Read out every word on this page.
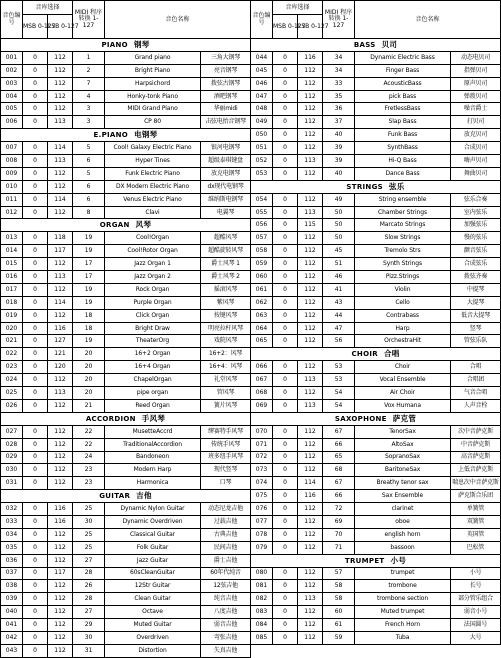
音色编号	音库选择		MIDI 程序转换 1-127	音色名称	
	MSB 0-127	LSB 0-127			
PIANO 钢琴					
001	0	112	1	Grand piano	三角大钢琴
002	0	112	2	Bright Piano	亮音钢琴
003	0	112	7	Harpsichord	拨弦古钢琴
004	0	112	4	Honky-tonk Piano	酒吧钢琴
005	0	112	3	MIDI Grand Piano	华丽midi
006	0	113	3	CP 80	击弦电抬音钢琴
E.PIANO 电钢琴					
007	0	114	5	Cool! Galaxy Electric Piano	银河电钢琴
008	0	113	6	Hyper Tines	超级泰琪键盘
009	0	112	5	Funk Electric Piano	放克电钢琴
010	0	112	6	DX Modern Electric Piano	dx现代电钢琴
011	0	114	6	Venus Electric Piano	维纳斯电钢琴
012	0	112	8	Clavi	电翼琴
ORGAN 风琴					
013	0	118	19	Cool!Organ	超酷风琴
014	0	117	19	Cool!Rotor Organ	超酷旋转风琴
015	0	112	17	Jazz Organ 1	爵士风琴 1
016	0	113	17	Jazz Organ 2	爵士风琴 2
017	0	112	19	Rock Organ	摇滚风琴
018	0	114	19	Purple Organ	紫风琴
019	0	112	18	Click Organ	按键风琴
020	0	116	18	Bright Draw	明亮拉杆风琴
021	0	127	19	TheaterOrg	戏院风琴
022	0	121	20	16+2 Organ	16+2：风琴
023	0	120	20	16+4 Organ	16+4：风琴
024	0	112	20	ChapelOrgan	礼堂风琴
025	0	113	20	pipe organ	管风琴
026	0	112	21	Reed Organ	簧片风琴
ACCORDION 手风琴					
027	0	112	22	MusetteAccrd	缪赛特手风琴
028	0	112	22	TraditionalAccordion	传统手风琴
029	0	112	24	Bandoneon	班多纽手风琴
030	0	112	23	Modern Harp	现代竖琴
031	0	112	23	Harmonica	口琴
GUITAR 吉他					
032	0	116	25	Dynamic Nylon Guitar	动态尼龙吉他
033	0	116	30	Dynamic Overdriven	过载吉他
034	0	112	25	Classical Guitar	古典吉他
035	0	112	25	Folk Guitar	民间吉他
036	0	112	27	Jazz Guitar	爵士吉他
037	0	117	28	60sCleanGuitar	60年代纯音
038	0	112	26	12Str Guitar	12弦吉他
039	0	112	28	Clean Guitar	纯音吉他
040	0	112	27	Octave	八度吉他
041	0	112	29	Muted Guitar	弱音吉他
042	0	112	30	Overdriven	弯张吉他
043	0	112	31	Distortion	失真吉他
音色编号	音库选择		MIDI 程序转换 1-127	音色名称	
	MSB 0-127	LSB 0-127			
BASS 贝司					
044	0	116	34	Dynamic Electric Bass	动态电贝司
045	0	112	34	Finger Bass	指弹贝司
046	0	112	33	AcousticBass	原声贝司
047	0	112	35	pick Bass	弹拨贝司
048	0	112	36	FretlessBass	噪音爵士
049	0	112	37	Slap Bass	打贝司
050	0	112	40	Funk Bass	放克贝司
051	0	112	39	SynthBass	合成贝司
052	0	113	39	Hi-Q Bass	嗨声贝司
053	0	112	40	Dance Bass	舞曲贝司
STRINGS 弦乐					
054	0	112	49	String ensemble	弦乐合奏
055	0	113	50	Chamber Strings	室内弦乐
056	0	115	50	Marcato Strings	加强弦乐
057	0	112	50	Slow Strings	慢的弦乐
058	0	112	45	Tremolo Strs	颤音弦乐
059	0	112	51	Synth Strings	合成弦乐
060	0	112	46	Pizz.Strings	拨弦齐奏
061	0	112	41	Violin	中提琴
062	0	112	43	Cello	大提琴
063	0	112	44	Contrabass	低音大提琴
064	0	112	47	Harp	竖琴
065	0	112	56	OrchestraHit	管弦乐队
CHOIR 合唱					
066	0	112	53	Choir	合唱
067	0	113	53	Vocal Ensemble	合唱团
068	0	112	54	Air Choir	气音合唱
069	0	113	54	Vox Humana	人声音栓
SAXOPHONE 萨克管					
070	0	112	67	TenorSax	次中音萨克斯
071	0	112	66	AltoSax	中音萨克斯
072	0	112	65	SopranoSax	高音萨克斯
073	0	112	68	BaritoneSax	上低音萨克斯
074	0	114	67	Breathy tenor sax	喘息次中音萨克斯
075	0	116	66	Sax Ensemble	萨克斯合乐团
076	0	112	72	clarinet	单簧管
077	0	112	69	oboe	双簧管
078	0	112	70	english horn	英国管
079	0	112	71	bassoon	巴松管
TRUMPET 小号					
080	0	112	57	trumpet	小号
081	0	112	58	trombone	长号
082	0	113	58	trombone section	部分管乐组合
083	0	112	60	Muted trumpet	弱音小号
084	0	112	61	French Horn	法国圆号
085	0	112	59	Tuba	大号
